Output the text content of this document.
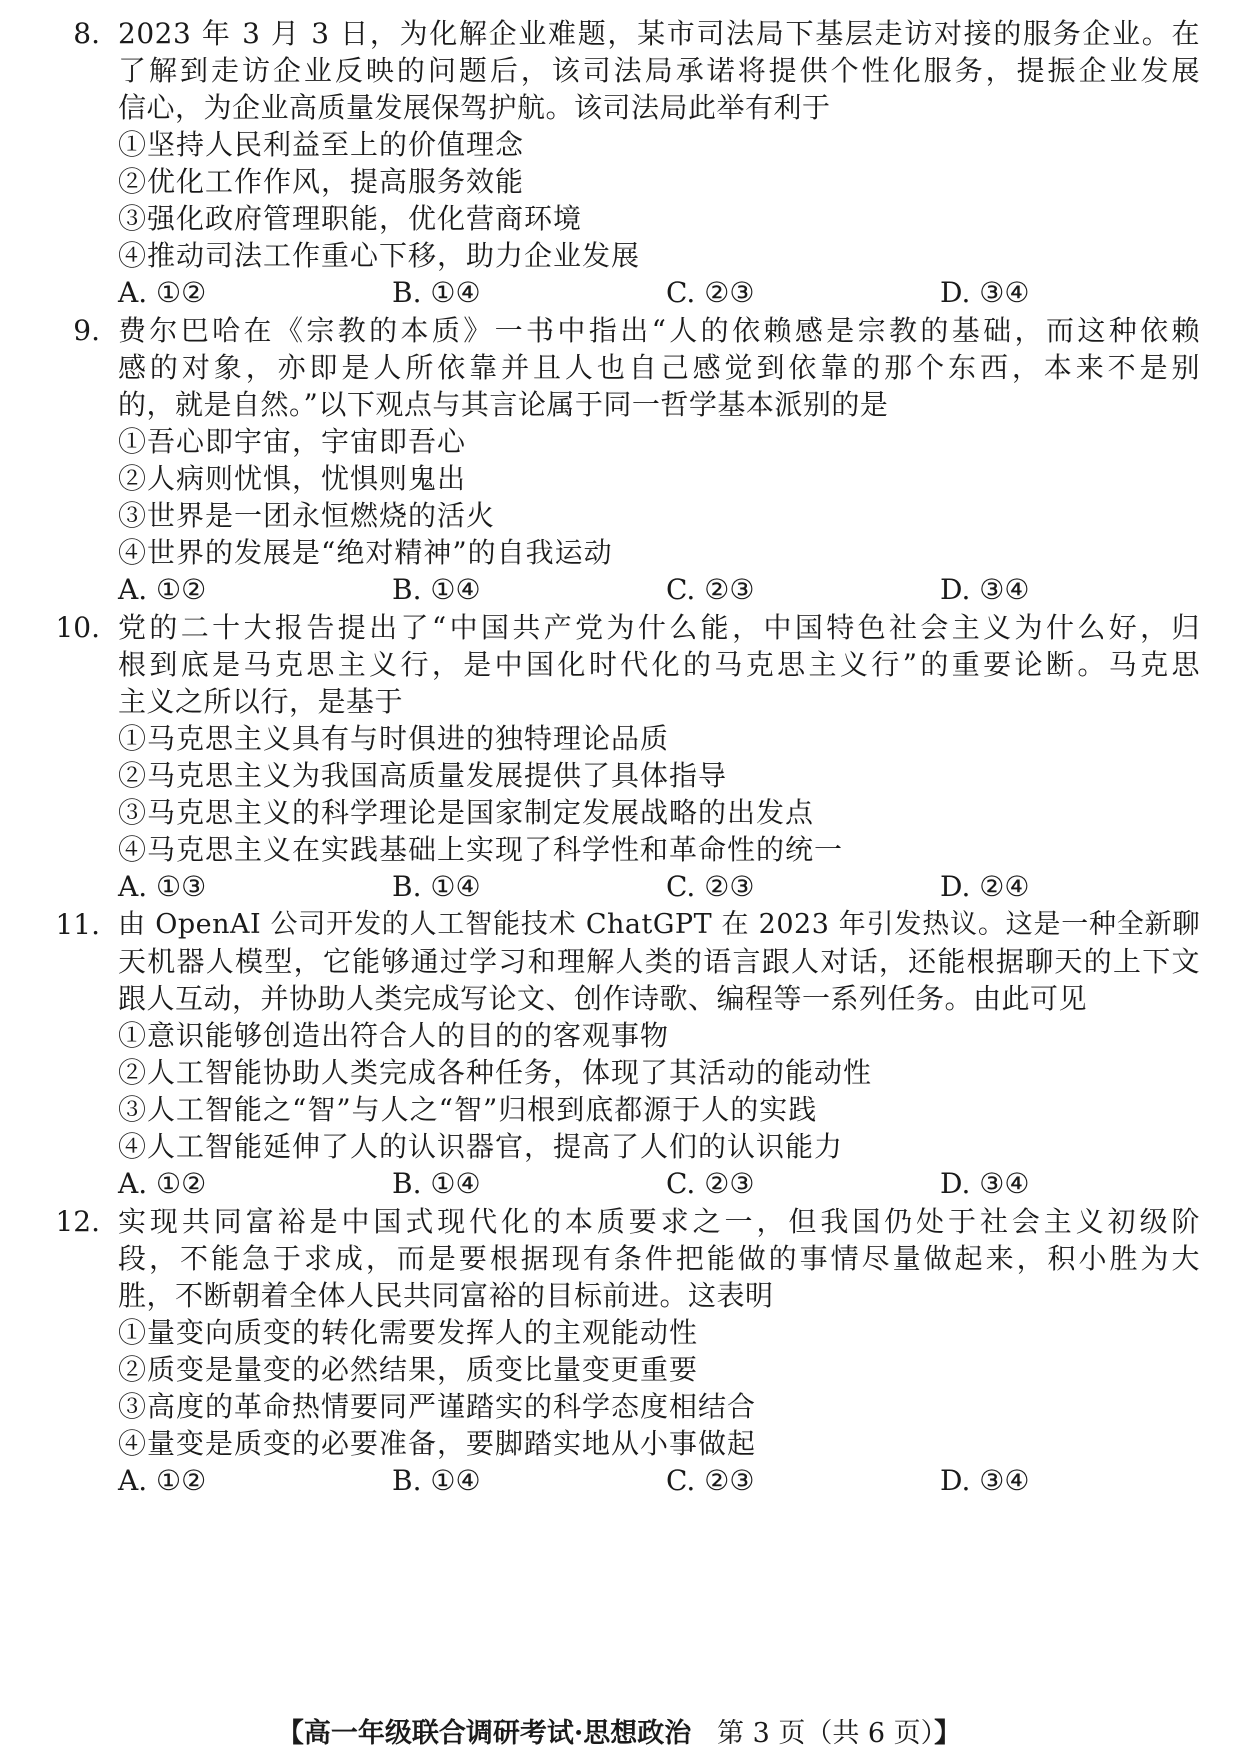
8. 2023 年 3 月 3 日，为化解企业难题，某市司法局下基层走访对接的服务企业。在
了解到走访企业反映的问题后，该司法局承诺将提供个性化服务，提振企业发展
信心，为企业高质量发展保驾护航。该司法局此举有利于
①坚持人民利益至上的价值理念
②优化工作作风，提高服务效能
③强化政府管理职能，优化营商环境
④推动司法工作重心下移，助力企业发展
A. ①②	B. ①④	C. ②③	D. ③④
9. 费尔巴哈在《宗教的本质》一书中指出“人的依赖感是宗教的基础，而这种依赖
感的对象，亦即是人所依靠并且人也自己感觉到依靠的那个东西，本来不是别
的，就是自然。”以下观点与其言论属于同一哲学基本派别的是
①吾心即宇宙，宇宙即吾心
②人病则忧惧，忧惧则鬼出
③世界是一团永恒燃烧的活火
④世界的发展是“绝对精神”的自我运动
A. ①②	B. ①④	C. ②③	D. ③④
10. 党的二十大报告提出了“中国共产党为什么能，中国特色社会主义为什么好，归
根到底是马克思主义行，是中国化时代化的马克思主义行”的重要论断。马克思
主义之所以行，是基于
①马克思主义具有与时俱进的独特理论品质
②马克思主义为我国高质量发展提供了具体指导
③马克思主义的科学理论是国家制定发展战略的出发点
④马克思主义在实践基础上实现了科学性和革命性的统一
A. ①③	B. ①④	C. ②③	D. ②④
11. 由 OpenAI 公司开发的人工智能技术 ChatGPT 在 2023 年引发热议。这是一种全新聊
天机器人模型，它能够通过学习和理解人类的语言跟人对话，还能根据聊天的上下文
跟人互动，并协助人类完成写论文、创作诗歌、编程等一系列任务。由此可见
①意识能够创造出符合人的目的的客观事物
②人工智能协助人类完成各种任务，体现了其活动的能动性
③人工智能之“智”与人之“智”归根到底都源于人的实践
④人工智能延伸了人的认识器官，提高了人们的认识能力
A. ①②	B. ①④	C. ②③	D. ③④
12. 实现共同富裕是中国式现代化的本质要求之一，但我国仍处于社会主义初级阶
段，不能急于求成，而是要根据现有条件把能做的事情尽量做起来，积小胜为大
胜，不断朝着全体人民共同富裕的目标前进。这表明
①量变向质变的转化需要发挥人的主观能动性
②质变是量变的必然结果，质变比量变更重要
③高度的革命热情要同严谨踏实的科学态度相结合
④量变是质变的必要准备，要脚踏实地从小事做起
A. ①②	B. ①④	C. ②③	D. ③④
【高一年级联合调研考试·思想政治 第 3 页（共 6 页）】
